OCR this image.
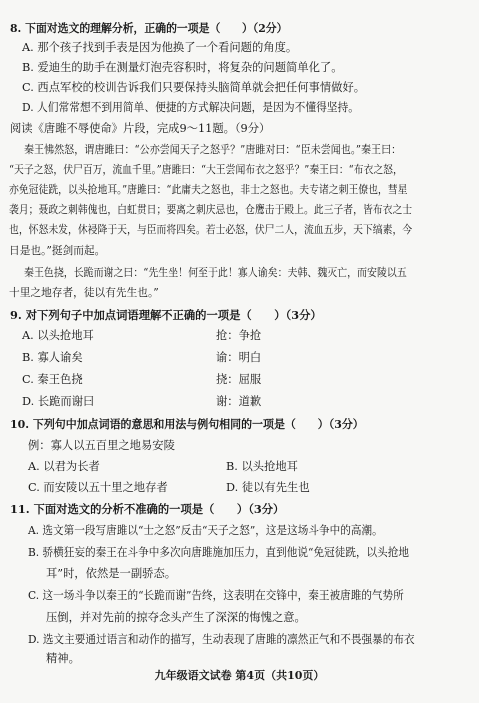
8. 下面对选文的理解分析，正确的一项是（　　）（2分）
A. 那个孩子找到手表是因为他换了一个看问题的角度。
B. 爱迪生的助手在测量灯泡壳容积时，将复杂的问题简单化了。
C. 西点军校的校训告诉我们只要保持头脑简单就会把任何事情做好。
D. 人们常常想不到用简单、便捷的方式解决问题，是因为不懂得坚持。
阅读《唐雎不辱使命》片段，完成9～11题。（9分）
秦王怫然怒，谓唐雎曰：“公亦尝闻天子之怒乎？”唐雎对曰：“臣未尝闻也。”秦王曰：
“天子之怒，伏尸百万，流血千里。”唐雎曰：“大王尝闻布衣之怒乎？”秦王曰：“布衣之怒，
亦免冠徒跣，以头抢地耳。”唐雎曰：“此庸夫之怒也，非士之怒也。夫专诸之刺王僚也，彗星
袭月；聂政之刺韩傀也，白虹贯日；要离之刺庆忌也，仓鹰击于殿上。此三子者，皆布衣之士
也，怀怒未发，休祲降于天，与臣而将四矣。若士必怒，伏尸二人，流血五步，天下缟素，今
日是也。”挺剑而起。
秦王色挠，长跪而谢之曰：“先生坐！何至于此！寡人谕矣：夫韩、魏灭亡，而安陵以五
十里之地存者，徒以有先生也。”
9. 对下列句子中加点词语理解不正确的一项是（　　）（3分）
A. 以头抢地耳	抢：争抢
B. 寡人谕矣	谕：明白
C. 秦王色挠	挠：屈服
D. 长跪而谢曰	谢：道歉
10. 下列句中加点词语的意思和用法与例句相同的一项是（　　）（3分）
例：寡人以五百里之地易安陵
A. 以君为长者	B. 以头抢地耳
C. 而安陵以五十里之地存者	D. 徒以有先生也
11. 下面对选文的分析不准确的一项是（　　）（3分）
A. 选文第一段写唐雎以“士之怒”反击“天子之怒”，这是这场斗争中的高潮。
B. 骄横狂妄的秦王在斗争中多次向唐雎施加压力，直到他说“免冠徒跣，以头抢地
耳”时，依然是一副骄态。
C. 这一场斗争以秦王的“长跪而谢”告终，这表明在交锋中，秦王被唐雎的气势所
压倒，并对先前的掠夺念头产生了深深的悔愧之意。
D. 选文主要通过语言和动作的描写，生动表现了唐雎的凛然正气和不畏强暴的布衣
精神。
九年级语文试卷 第4页（共10页）
